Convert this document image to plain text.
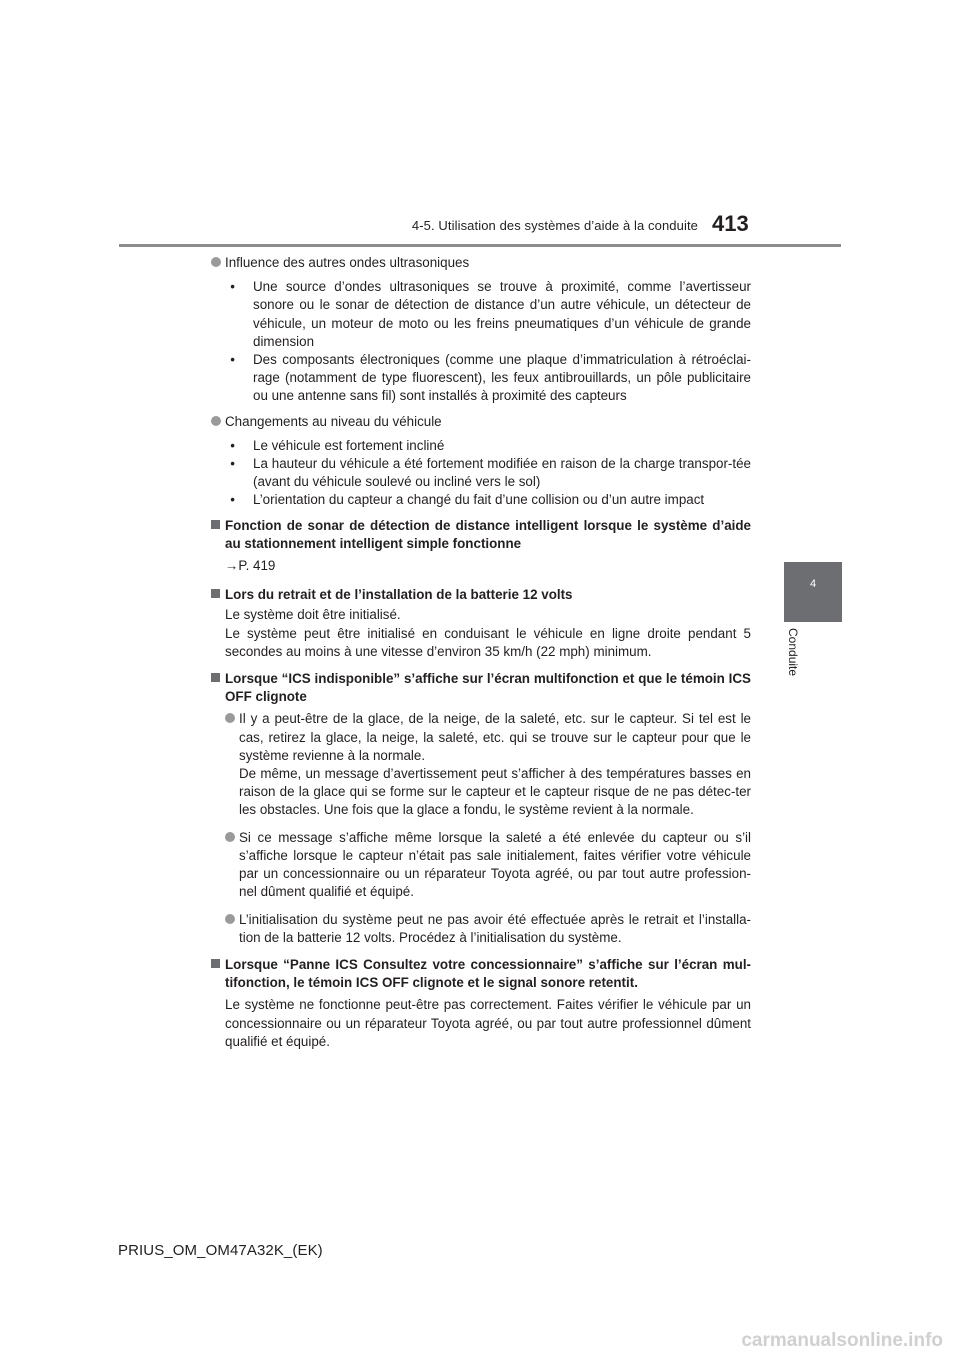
4-5. Utilisation des systèmes d’aide à la conduite 413
4
Conduite
Influence des autres ondes ultrasoniques
• Une source d’ondes ultrasoniques se trouve à proximité, comme l’avertisseur sonore ou le sonar de détection de distance d’un autre véhicule, un détecteur de véhicule, un moteur de moto ou les freins pneumatiques d’un véhicule de grande dimension
• Des composants électroniques (comme une plaque d’immatriculation à rétroéclai-rage (notamment de type fluorescent), les feux antibrouillards, un pôle publicitaire ou une antenne sans fil) sont installés à proximité des capteurs
Changements au niveau du véhicule
• Le véhicule est fortement incliné
• La hauteur du véhicule a été fortement modifiée en raison de la charge transpor-tée (avant du véhicule soulevé ou incliné vers le sol)
• L’orientation du capteur a changé du fait d’une collision ou d’un autre impact
Fonction de sonar de détection de distance intelligent lorsque le système d’aide au stationnement intelligent simple fonctionne
→P. 419
Lors du retrait et de l’installation de la batterie 12 volts
Le système doit être initialisé.
Le système peut être initialisé en conduisant le véhicule en ligne droite pendant 5 secondes au moins à une vitesse d’environ 35 km/h (22 mph) minimum.
Lorsque “ICS indisponible” s’affiche sur l’écran multifonction et que le témoin ICS OFF clignote
Il y a peut-être de la glace, de la neige, de la saleté, etc. sur le capteur. Si tel est le cas, retirez la glace, la neige, la saleté, etc. qui se trouve sur le capteur pour que le système revienne à la normale.
De même, un message d’avertissement peut s’afficher à des températures basses en raison de la glace qui se forme sur le capteur et le capteur risque de ne pas détec-ter les obstacles. Une fois que la glace a fondu, le système revient à la normale.
Si ce message s’affiche même lorsque la saleté a été enlevée du capteur ou s’il s’affiche lorsque le capteur n’était pas sale initialement, faites vérifier votre véhicule par un concessionnaire ou un réparateur Toyota agréé, ou par tout autre profession-nel dûment qualifié et équipé.
L’initialisation du système peut ne pas avoir été effectuée après le retrait et l’installa-tion de la batterie 12 volts. Procédez à l’initialisation du système.
Lorsque “Panne ICS Consultez votre concessionnaire” s’affiche sur l’écran mul-tifonction, le témoin ICS OFF clignote et le signal sonore retentit.
Le système ne fonctionne peut-être pas correctement. Faites vérifier le véhicule par un concessionnaire ou un réparateur Toyota agréé, ou par tout autre professionnel dûment qualifié et équipé.
PRIUS_OM_OM47A32K_(EK)
carmanualsonline.info
